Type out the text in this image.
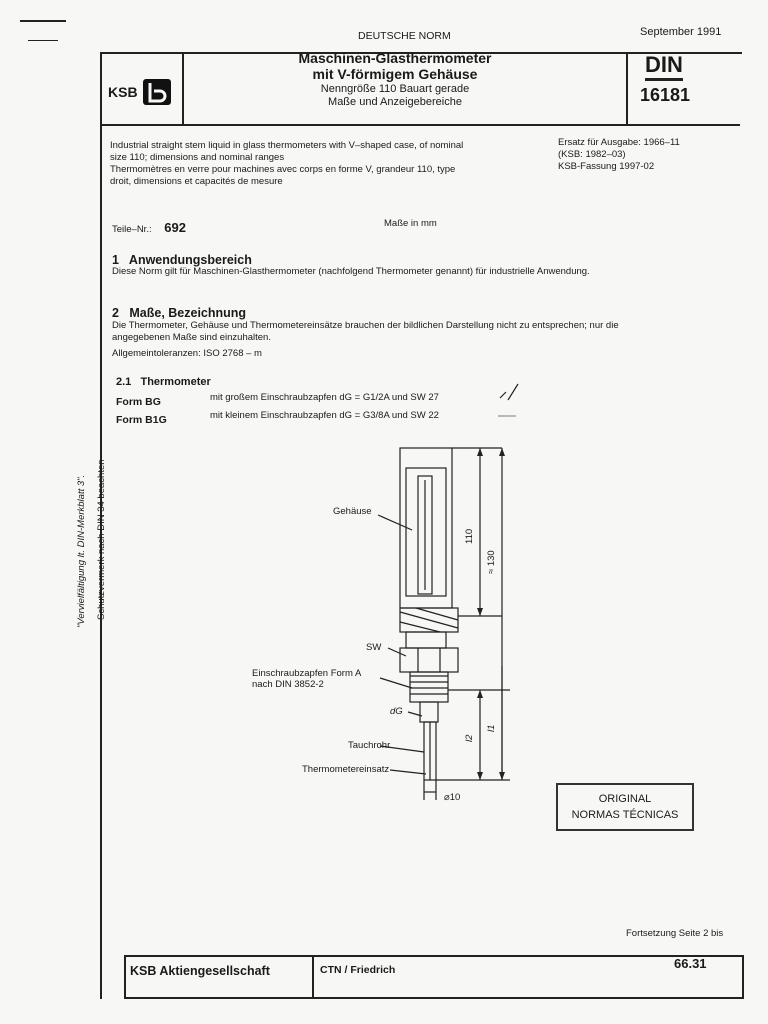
DEUTSCHE NORM	September 1991
KSB
Maschinen-Glasthermometer
mit V-förmigem Gehäuse
Nenngröße 110 Bauart gerade
Maße und Anzeigebereiche
DIN
16181
Industrial straight stem liquid in glass thermometers with V–shaped case, of nominal
size 110; dimensions and nominal ranges
Thermomètres en verre pour machines avec corps en forme V, grandeur 110, type
droit, dimensions et capacités de mesure
Ersatz für Ausgabe: 1966–11
(KSB: 1982–03)
KSB-Fassung 1997-02
Teile–Nr.: 692	Maße in mm
1 Anwendungsbereich
Diese Norm gilt für Maschinen-Glasthermometer (nachfolgend Thermometer genannt) für industrielle Anwendung.
2 Maße, Bezeichnung
Die Thermometer, Gehäuse und Thermometereinsätze brauchen der bildlichen Darstellung nicht zu entsprechen; nur die
angegebenen Maße sind einzuhalten.
Allgemeintoleranzen: ISO 2768 – m
2.1 Thermometer
Form BG	mit großem Einschraubzapfen dG = G1/2A und SW 27
Form B1G	mit kleinem Einschraubzapfen dG = G3/8A und SW 22
"Vervielfältigung lt. DIN-Merkblatt 3". Schutzvermerk nach DIN 34 beachten	Gehäuse
SW
Einschraubzapfen Form A
nach DIN 3852-2
dG
Tauchrohr
Thermometereinsatz
110
≈ 130
l2
l1
⌀10	ORIGINAL
NORMAS TÉCNICAS
Fortsetzung Seite 2 bis
KSB Aktiengesellschaft	CTN / Friedrich	66.31
